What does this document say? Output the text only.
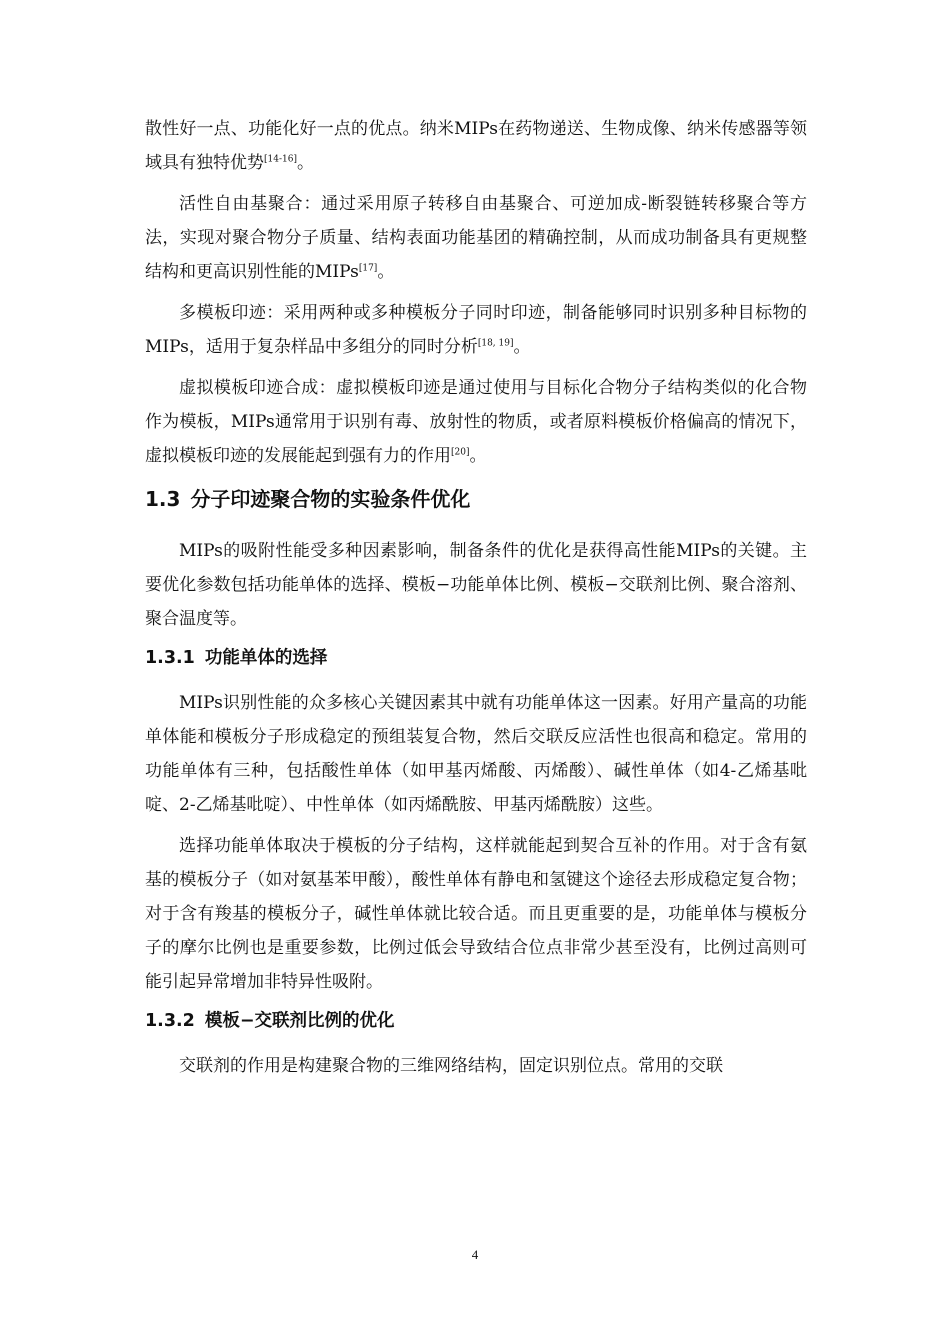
散性好一点、功能化好一点的优点。纳米MIPs在药物递送、生物成像、纳米传感器等领域具有独特优势[14-16]。

活性自由基聚合：通过采用原子转移自由基聚合、可逆加成-断裂链转移聚合等方法，实现对聚合物分子质量、结构表面功能基团的精确控制，从而成功制备具有更规整结构和更高识别性能的MIPs[17]。

多模板印迹：采用两种或多种模板分子同时印迹，制备能够同时识别多种目标物的MIPs，适用于复杂样品中多组分的同时分析[18, 19]。

虚拟模板印迹合成：虚拟模板印迹是通过使用与目标化合物分子结构类似的化合物作为模板，MIPs通常用于识别有毒、放射性的物质，或者原料模板价格偏高的情况下，虚拟模板印迹的发展能起到强有力的作用[20]。

1.3 分子印迹聚合物的实验条件优化

MIPs的吸附性能受多种因素影响，制备条件的优化是获得高性能MIPs的关键。主要优化参数包括功能单体的选择、模板−功能单体比例、模板−交联剂比例、聚合溶剂、聚合温度等。

1.3.1 功能单体的选择

MIPs识别性能的众多核心关键因素其中就有功能单体这一因素。好用产量高的功能单体能和模板分子形成稳定的预组装复合物，然后交联反应活性也很高和稳定。常用的功能单体有三种，包括酸性单体（如甲基丙烯酸、丙烯酸）、碱性单体（如4-乙烯基吡啶、2-乙烯基吡啶）、中性单体（如丙烯酰胺、甲基丙烯酰胺）这些。

选择功能单体取决于模板的分子结构，这样就能起到契合互补的作用。对于含有氨基的模板分子（如对氨基苯甲酸），酸性单体有静电和氢键这个途径去形成稳定复合物；对于含有羧基的模板分子，碱性单体就比较合适。而且更重要的是，功能单体与模板分子的摩尔比例也是重要参数，比例过低会导致结合位点非常少甚至没有，比例过高则可能引起异常增加非特异性吸附。

1.3.2 模板−交联剂比例的优化

交联剂的作用是构建聚合物的三维网络结构，固定识别位点。常用的交联

4
